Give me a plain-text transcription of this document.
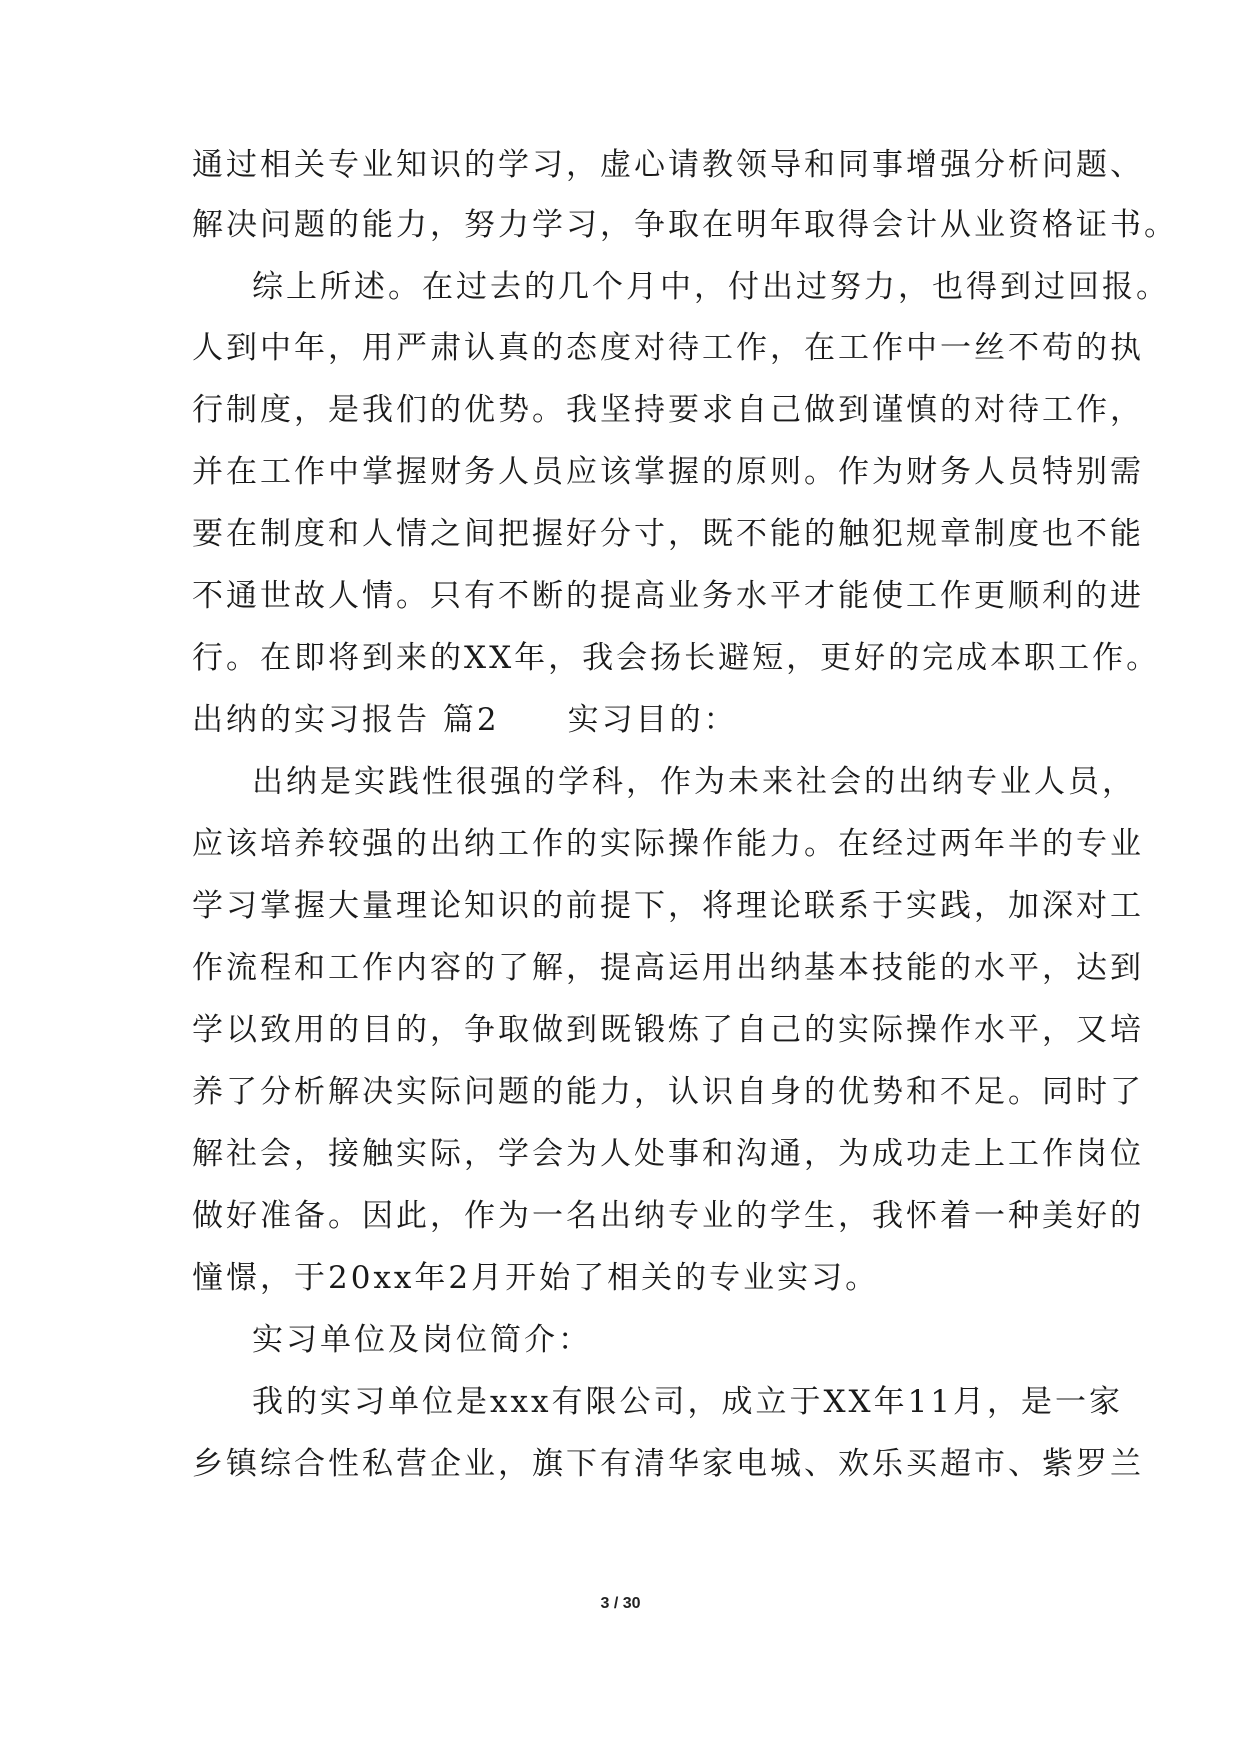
通过相关专业知识的学习，虚心请教领导和同事增强分析问题、
解决问题的能力，努力学习，争取在明年取得会计从业资格证书。
综上所述。在过去的几个月中，付出过努力，也得到过回报。
人到中年，用严肃认真的态度对待工作，在工作中一丝不苟的执
行制度，是我们的优势。我坚持要求自己做到谨慎的对待工作，
并在工作中掌握财务人员应该掌握的原则。作为财务人员特别需
要在制度和人情之间把握好分寸，既不能的触犯规章制度也不能
不通世故人情。只有不断的提高业务水平才能使工作更顺利的进
行。在即将到来的XX年，我会扬长避短，更好的完成本职工作。
出纳的实习报告 篇2　　实习目的：
出纳是实践性很强的学科，作为未来社会的出纳专业人员，
应该培养较强的出纳工作的实际操作能力。在经过两年半的专业
学习掌握大量理论知识的前提下，将理论联系于实践，加深对工
作流程和工作内容的了解，提高运用出纳基本技能的水平，达到
学以致用的目的，争取做到既锻炼了自己的实际操作水平，又培
养了分析解决实际问题的能力，认识自身的优势和不足。同时了
解社会，接触实际，学会为人处事和沟通，为成功走上工作岗位
做好准备。因此，作为一名出纳专业的学生，我怀着一种美好的
憧憬，于20xx年2月开始了相关的专业实习。
实习单位及岗位简介：
我的实习单位是xxx有限公司，成立于XX年11月，是一家
乡镇综合性私营企业，旗下有清华家电城、欢乐买超市、紫罗兰
3 / 30
